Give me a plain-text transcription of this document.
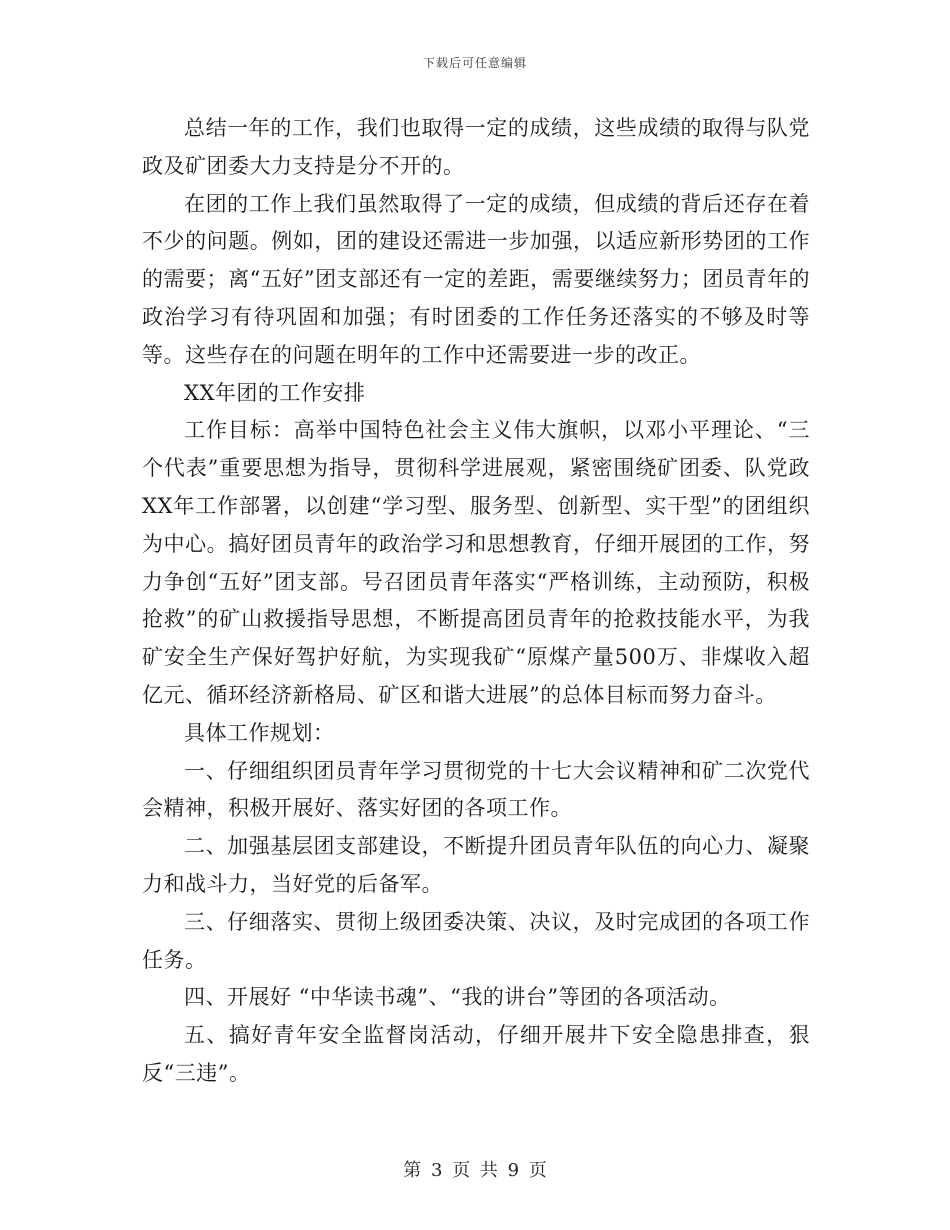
下载后可任意编辑

总结一年的工作，我们也取得一定的成绩，这些成绩的取得与队党政及矿团委大力支持是分不开的。

在团的工作上我们虽然取得了一定的成绩，但成绩的背后还存在着不少的问题。例如，团的建设还需进一步加强，以适应新形势团的工作的需要；离“五好”团支部还有一定的差距，需要继续努力；团员青年的政治学习有待巩固和加强；有时团委的工作任务还落实的不够及时等等。这些存在的问题在明年的工作中还需要进一步的改正。

XX年团的工作安排

工作目标：高举中国特色社会主义伟大旗帜，以邓小平理论、“三个代表”重要思想为指导，贯彻科学进展观，紧密围绕矿团委、队党政XX年工作部署，以创建“学习型、服务型、创新型、实干型”的团组织为中心。搞好团员青年的政治学习和思想教育，仔细开展团的工作，努力争创“五好”团支部。号召团员青年落实“严格训练，主动预防，积极抢救”的矿山救援指导思想，不断提高团员青年的抢救技能水平，为我矿安全生产保好驾护好航，为实现我矿“原煤产量500万、非煤收入超亿元、循环经济新格局、矿区和谐大进展”的总体目标而努力奋斗。

具体工作规划：

一、仔细组织团员青年学习贯彻党的十七大会议精神和矿二次党代会精神，积极开展好、落实好团的各项工作。

二、加强基层团支部建设，不断提升团员青年队伍的向心力、凝聚力和战斗力，当好党的后备军。

三、仔细落实、贯彻上级团委决策、决议，及时完成团的各项工作任务。

四、开展好 “中华读书魂”、“我的讲台”等团的各项活动。

五、搞好青年安全监督岗活动，仔细开展井下安全隐患排查，狠反“三违”。

第 3 页 共 9 页
